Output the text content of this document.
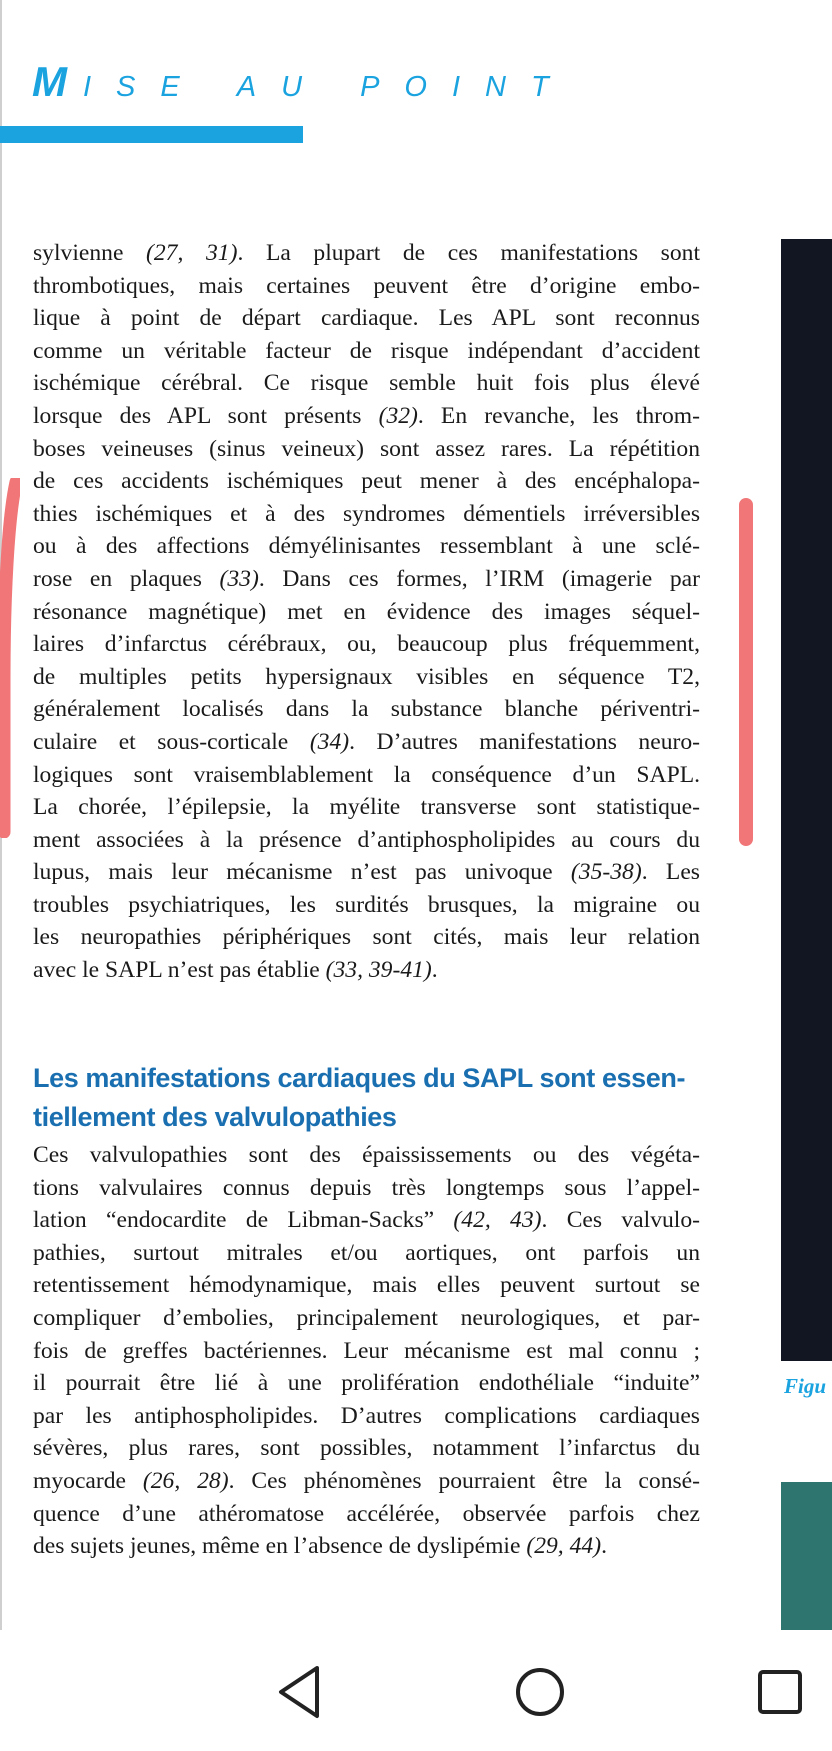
M ISE AU POINT
sylvienne (27, 31). La plupart de ces manifestations sont
thrombotiques, mais certaines peuvent être d’origine embo-
lique à point de départ cardiaque. Les APL sont reconnus
comme un véritable facteur de risque indépendant d’accident
ischémique cérébral. Ce risque semble huit fois plus élevé
lorsque des APL sont présents (32). En revanche, les throm-
boses veineuses (sinus veineux) sont assez rares. La répétition
de ces accidents ischémiques peut mener à des encéphalopa-
thies ischémiques et à des syndromes démentiels irréversibles
ou à des affections démyélinisantes ressemblant à une sclé-
rose en plaques (33). Dans ces formes, l’IRM (imagerie par
résonance magnétique) met en évidence des images séquel-
laires d’infarctus cérébraux, ou, beaucoup plus fréquemment,
de multiples petits hypersignaux visibles en séquence T2,
généralement localisés dans la substance blanche périventri-
culaire et sous-corticale (34). D’autres manifestations neuro-
logiques sont vraisemblablement la conséquence d’un SAPL.
La chorée, l’épilepsie, la myélite transverse sont statistique-
ment associées à la présence d’antiphospholipides au cours du
lupus, mais leur mécanisme n’est pas univoque (35-38). Les
troubles psychiatriques, les surdités brusques, la migraine ou
les neuropathies périphériques sont cités, mais leur relation
avec le SAPL n’est pas établie (33, 39-41).
Les manifestations cardiaques du SAPL sont essen-
tiellement des valvulopathies
Ces valvulopathies sont des épaississements ou des végéta-
tions valvulaires connus depuis très longtemps sous l’appel-
lation “endocardite de Libman-Sacks” (42, 43). Ces valvulo-
pathies, surtout mitrales et/ou aortiques, ont parfois un
retentissement hémodynamique, mais elles peuvent surtout se
compliquer d’embolies, principalement neurologiques, et par-
fois de greffes bactériennes. Leur mécanisme est mal connu ;
il pourrait être lié à une prolifération endothéliale “induite”
par les antiphospholipides. D’autres complications cardiaques
sévères, plus rares, sont possibles, notamment l’infarctus du
myocarde (26, 28). Ces phénomènes pourraient être la consé-
quence d’une athéromatose accélérée, observée parfois chez
des sujets jeunes, même en l’absence de dyslipémie (29, 44).
Figu
